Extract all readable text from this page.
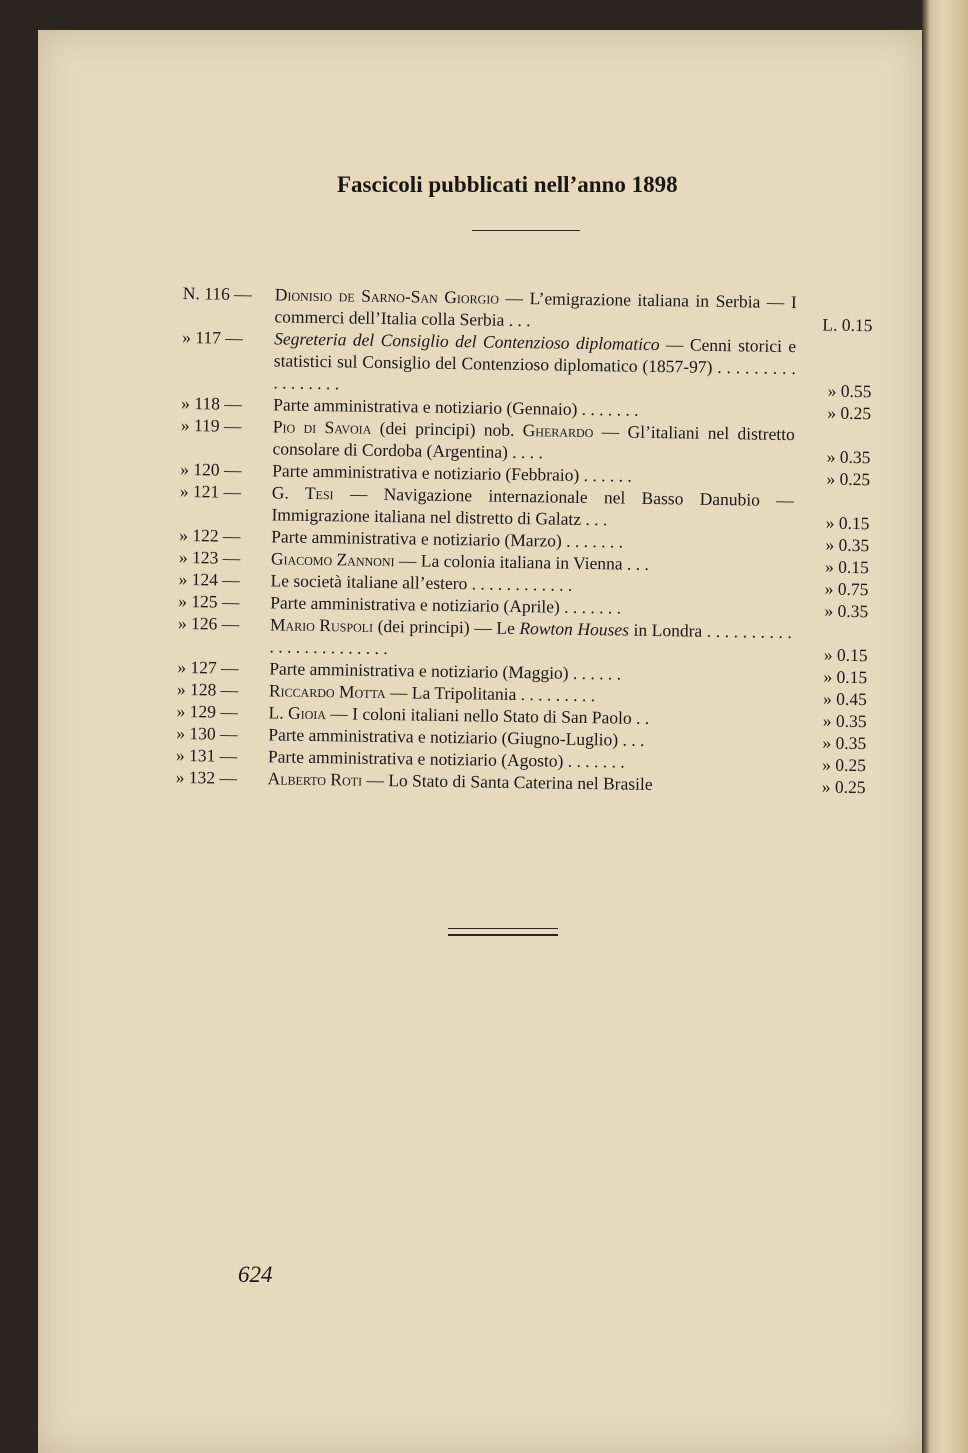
Fascicoli pubblicati nell’anno 1898
N. 116 —	Dionisio de Sarno-San Giorgio — L’emigrazione italiana in Serbia — I commerci dell’Italia colla Serbia . . .	L. 0.15
» 117 —	Segreteria del Consiglio del Contenzioso diplomatico — Cenni storici e statistici sul Consiglio del Contenzioso diplomatico (1857-97) . . . . . . . . . . . . . . . . .	» 0.55
» 118 —	Parte amministrativa e notiziario (Gennaio) . . . . . . .	» 0.25
» 119 —	Pio di Savoia (dei principi) nob. Gherardo — Gl’italiani nel distretto consolare di Cordoba (Argentina) . . . .	» 0.35
» 120 —	Parte amministrativa e notiziario (Febbraio) . . . . . .	» 0.25
» 121 —	G. Tesi — Navigazione internazionale nel Basso Danubio — Immigrazione italiana nel distretto di Galatz . . .	» 0.15
» 122 —	Parte amministrativa e notiziario (Marzo) . . . . . . .	» 0.35
» 123 —	Giacomo Zannoni — La colonia italiana in Vienna . . .	» 0.15
» 124 —	Le società italiane all’estero . . . . . . . . . . . .	» 0.75
» 125 —	Parte amministrativa e notiziario (Aprile) . . . . . . .	» 0.35
» 126 —	Mario Ruspoli (dei principi) — Le Rowton Houses in Londra . . . . . . . . . . . . . . . . . . . . . . . .	» 0.15
» 127 —	Parte amministrativa e notiziario (Maggio) . . . . . .	» 0.15
» 128 —	Riccardo Motta — La Tripolitania . . . . . . . . .	» 0.45
» 129 —	L. Gioia — I coloni italiani nello Stato di San Paolo . .	» 0.35
» 130 —	Parte amministrativa e notiziario (Giugno-Luglio) . . .	» 0.35
» 131 —	Parte amministrativa e notiziario (Agosto) . . . . . . .	» 0.25
» 132 —	Alberto Roti — Lo Stato di Santa Caterina nel Brasile	» 0.25
624
